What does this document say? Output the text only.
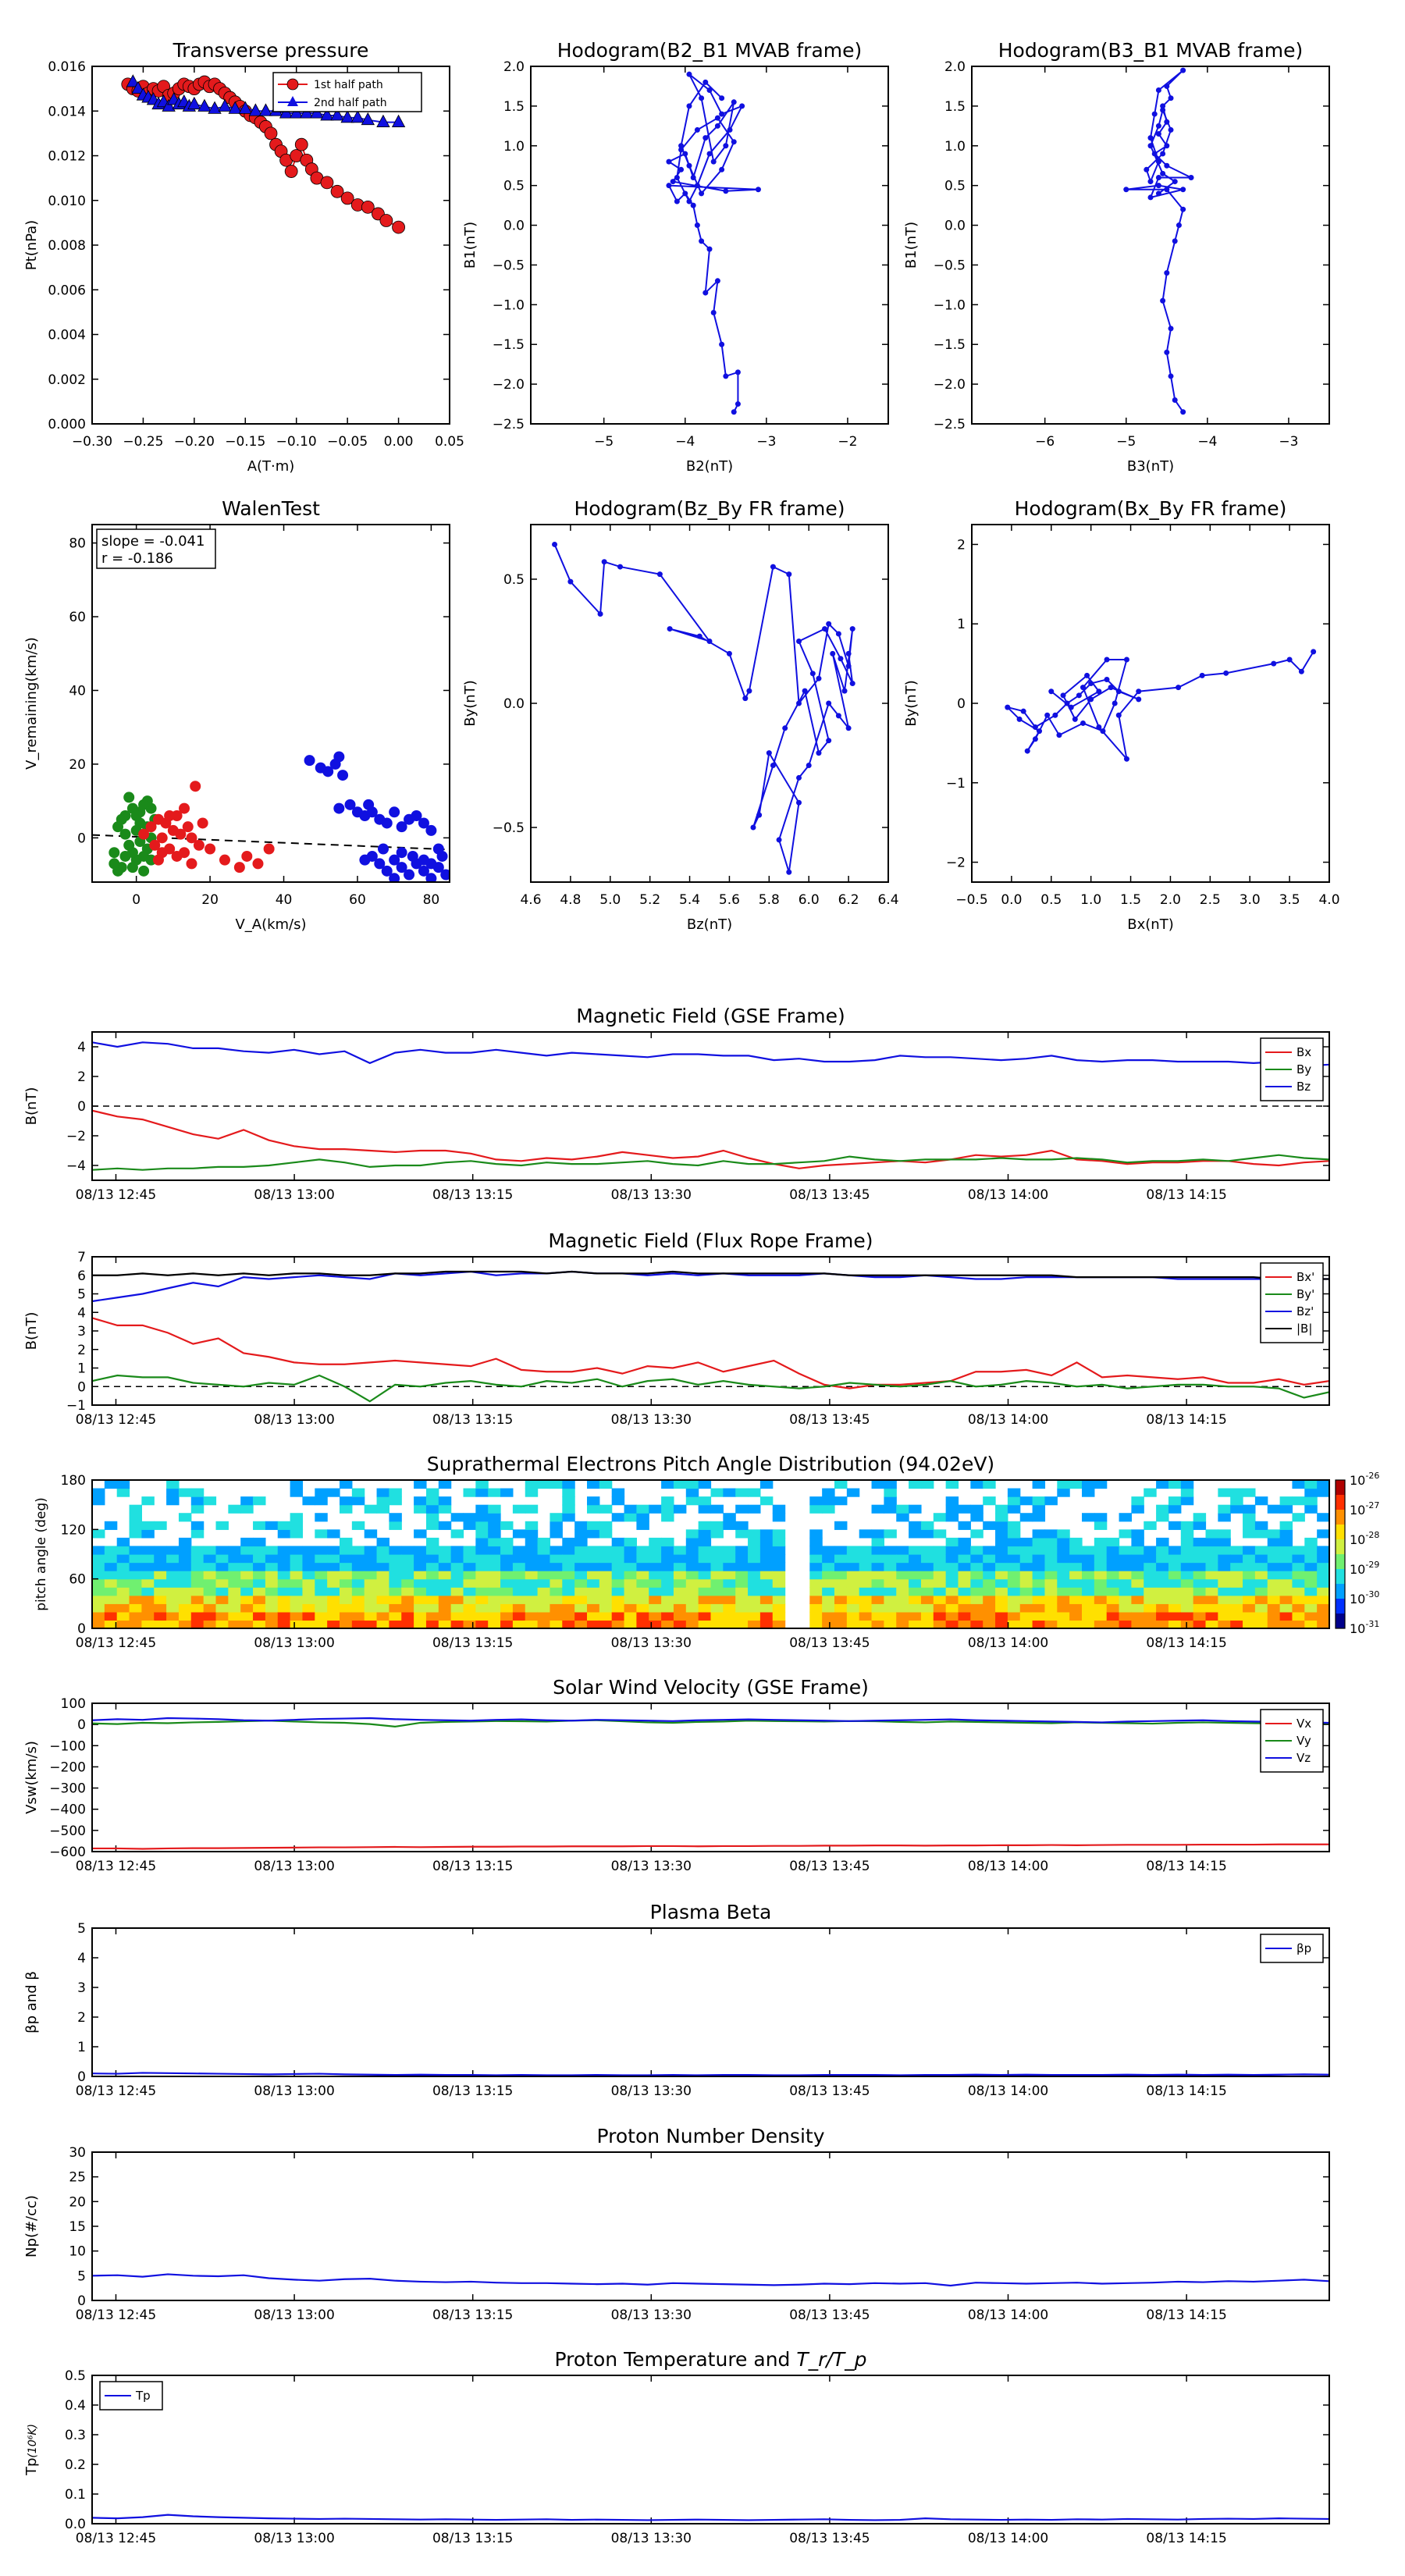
Transverse pressure
−0.30 −0.25 −0.20 −0.15 −0.10 −0.05 0.00 0.05
0.000
0.002
0.004
0.006
0.008
0.010
0.012
0.014
0.016
A(T·m)
Pt(nPa)
1st half path
2nd half path
Hodogram(B2_B1 MVAB frame)
−5	−4	−3	−2
−2.5
−2.0
−1.5
−1.0
−0.5
0.0
0.5
1.0
1.5
2.0
B2(nT)
B1(nT)
Hodogram(B3_B1 MVAB frame)
−6	−5	−4	−3
−2.5
−2.0
−1.5
−1.0
−0.5
0.0
0.5
1.0
1.5
2.0
B3(nT)
B1(nT)
WalenTest
0	20	40	60	80
0
20
40
60
80
V_A(km/s)
V_remaining(km/s)
slope = -0.041
r = -0.186
Hodogram(Bz_By FR frame)
4.6 4.8 5.0 5.2 5.4 5.6 5.8 6.0 6.2 6.4
−0.5
0.0
0.5
Bz(nT)
By(nT)
Hodogram(Bx_By FR frame)
−0.5 0.0 0.5 1.0 1.5 2.0 2.5 3.0 3.5 4.0
−2
−1
0
1
2
Bx(nT)
By(nT)
Magnetic Field (GSE Frame)
08/13 12:45	08/13 13:00	08/13 13:15	08/13 13:30	08/13 13:45	08/13 14:00	08/13 14:15
−4
−2
0
2
4
B(nT)
Bx
By
Bz
Magnetic Field (Flux Rope Frame)
08/13 12:45	08/13 13:00	08/13 13:15	08/13 13:30	08/13 13:45	08/13 14:00	08/13 14:15
−1
0
1
2
3
4
5
6
7
B(nT)
Bx'
By'
Bz'
|B|
Solar Wind Velocity (GSE Frame)
08/13 12:45	08/13 13:00	08/13 13:15	08/13 13:30	08/13 13:45	08/13 14:00	08/13 14:15
−600
−500
−400
−300
−200
−100
0
100
Vsw(km/s)
Vx
Vy
Vz
Plasma Beta
08/13 12:45	08/13 13:00	08/13 13:15	08/13 13:30	08/13 13:45	08/13 14:00	08/13 14:15
0
1
2
3
4
5
βp and β
βp
Proton Number Density
08/13 12:45	08/13 13:00	08/13 13:15	08/13 13:30	08/13 13:45	08/13 14:00	08/13 14:15
0
5
10
15
20
25
30
Np(#/cc)
Proton Temperature and T_r/T_p
08/13 12:45	08/13 13:00	08/13 13:15	08/13 13:30	08/13 13:45	08/13 14:00	08/13 14:15
0.0
0.1
0.2
0.3
0.4
0.5
Tp(10⁶K)
Tp
Suprathermal Electrons Pitch Angle Distribution (94.02eV)
08/13 12:45	08/13 13:00	08/13 13:15	08/13 13:30	08/13 13:45	08/13 14:00	08/13 14:15
0
60
120
180
pitch angle (deg)
$10^{-26}$
$10^{-27}$
$10^{-28}$
$10^{-29}$
$10^{-30}$
$10^{-31}$
